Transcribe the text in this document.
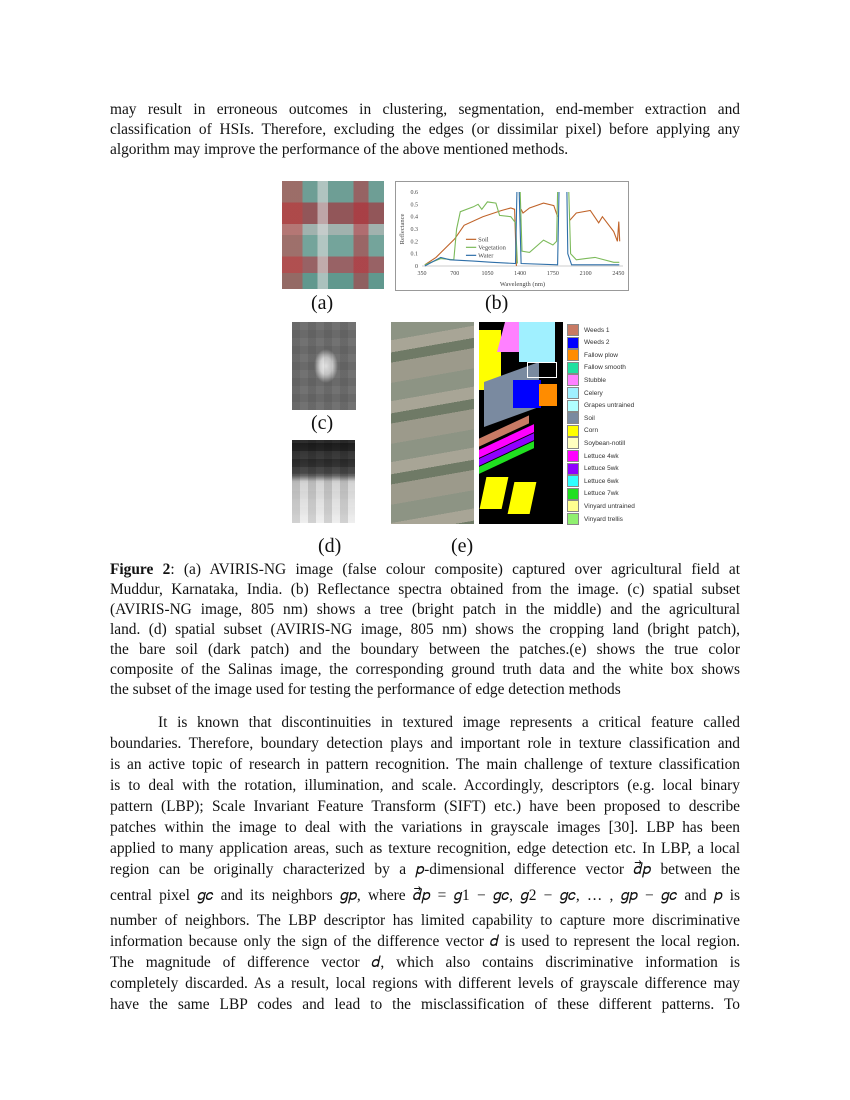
may result in erroneous outcomes in clustering, segmentation, end-member extraction and
classification of HSIs. Therefore, excluding the edges (or dissimilar pixel) before applying any
algorithm may improve the performance of the above mentioned methods.
(a)
0
0.1
0.2
0.3
0.4
0.5
0.6
350	700	1050	1400	1750	2100	2450
Wavelength (nm)
Reflectance	Soil
Vegetation
Water
(b)
(c)
(d)
Weeds 1
Weeds 2
Fallow plow
Fallow smooth
Stubble
Celery
Grapes untrained
Soil
Corn
Soybean-notill
Lettuce 4wk
Lettuce 5wk
Lettuce 6wk
Lettuce 7wk
Vinyard untrained
Vinyard trellis
(e)
Figure 2: (a) AVIRIS-NG image (false colour composite) captured over agricultural field at
Muddur, Karnataka, India. (b) Reflectance spectra obtained from the image. (c) spatial subset
(AVIRIS-NG image, 805 nm) shows a tree (bright patch in the middle) and the agricultural
land. (d) spatial subset (AVIRIS-NG image, 805 nm) shows the cropping land (bright patch),
the bare soil (dark patch) and the boundary between the patches.(e) shows the true color
composite of the Salinas image, the corresponding ground truth data and the white box shows
the subset of the image used for testing the performance of edge detection methods
It is known that discontinuities in textured image represents a critical feature called
boundaries. Therefore, boundary detection plays and important role in texture classification and
is an active topic of research in pattern recognition. The main challenge of texture classification
is to deal with the rotation, illumination, and scale. Accordingly, descriptors (e.g. local binary
pattern (LBP); Scale Invariant Feature Transform (SIFT) etc.) have been proposed to describe
patches within the image to deal with the variations in grayscale images [30]. LBP has been
applied to many application areas, such as texture recognition, edge detection etc. In LBP, a local
region can be originally characterized by a 𝑝-dimensional difference vector 𝑑⃗𝑝 between the
central pixel 𝑔𝑐 and its neighbors 𝑔𝑝, where 𝑑⃗𝑝 = 𝑔1 − 𝑔𝑐, 𝑔2 − 𝑔𝑐, … , 𝑔𝑝 − 𝑔𝑐 and 𝑝 is
number of neighbors. The LBP descriptor has limited capability to capture more discriminative
information because only the sign of the difference vector 𝑑 is used to represent the local region.
The magnitude of difference vector 𝑑, which also contains discriminative information is
completely discarded. As a result, local regions with different levels of grayscale difference may
have the same LBP codes and lead to the misclassification of these different patterns. To
